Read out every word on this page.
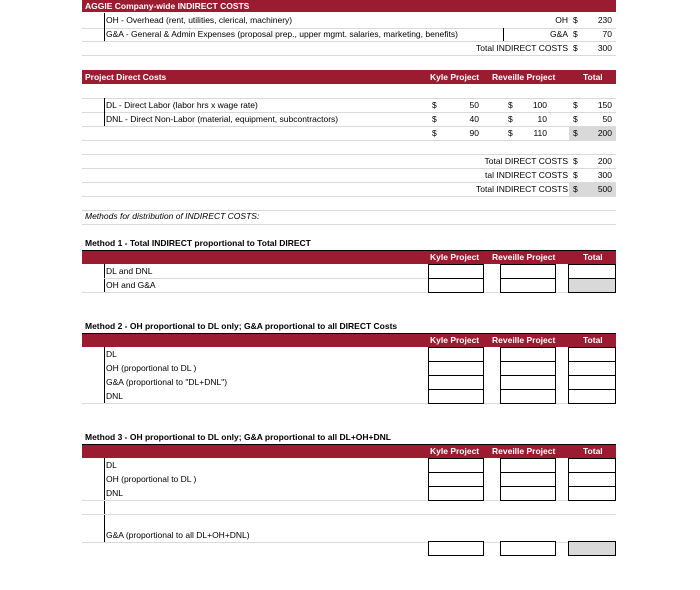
AGGIE Company-wide INDIRECT COSTS
OH - Overhead (rent, utilities, clerical, machinery)	OH $	230
G&A - General & Admin Expenses (proposal prep., upper mgmt. salaries, marketing, benefits)	G&A $	70
Total INDIRECT COSTS $	300
Project Direct Costs	Kyle Project Reveille Project	Total
DL - Direct Labor (labor hrs x wage rate)	$	50	$	100	$	150
DNL - Direct Non-Labor (material, equipment, subcontractors)	$	40	$	10	$	50
$	90	$	110	$	200
Total DIRECT COSTS $	200
tal INDIRECT COSTS $	300
Total INDIRECT COSTS $	500
Methods for distribution of INDIRECT COSTS:
Method 1 - Total INDIRECT proportional to Total DIRECT
Kyle Project Reveille Project	Total
DL and DNL
OH and G&A
Method 2 - OH proportional to DL only; G&A proportional to all DIRECT Costs
Kyle Project Reveille Project	Total
DL
OH (proportional to DL )
G&A (proportional to "DL+DNL")
DNL
Method 3 - OH proportional to DL only; G&A proportional to all DL+OH+DNL
Kyle Project Reveille Project	Total
DL
OH (proportional to DL )
DNL
G&A (proportional to all DL+OH+DNL)
